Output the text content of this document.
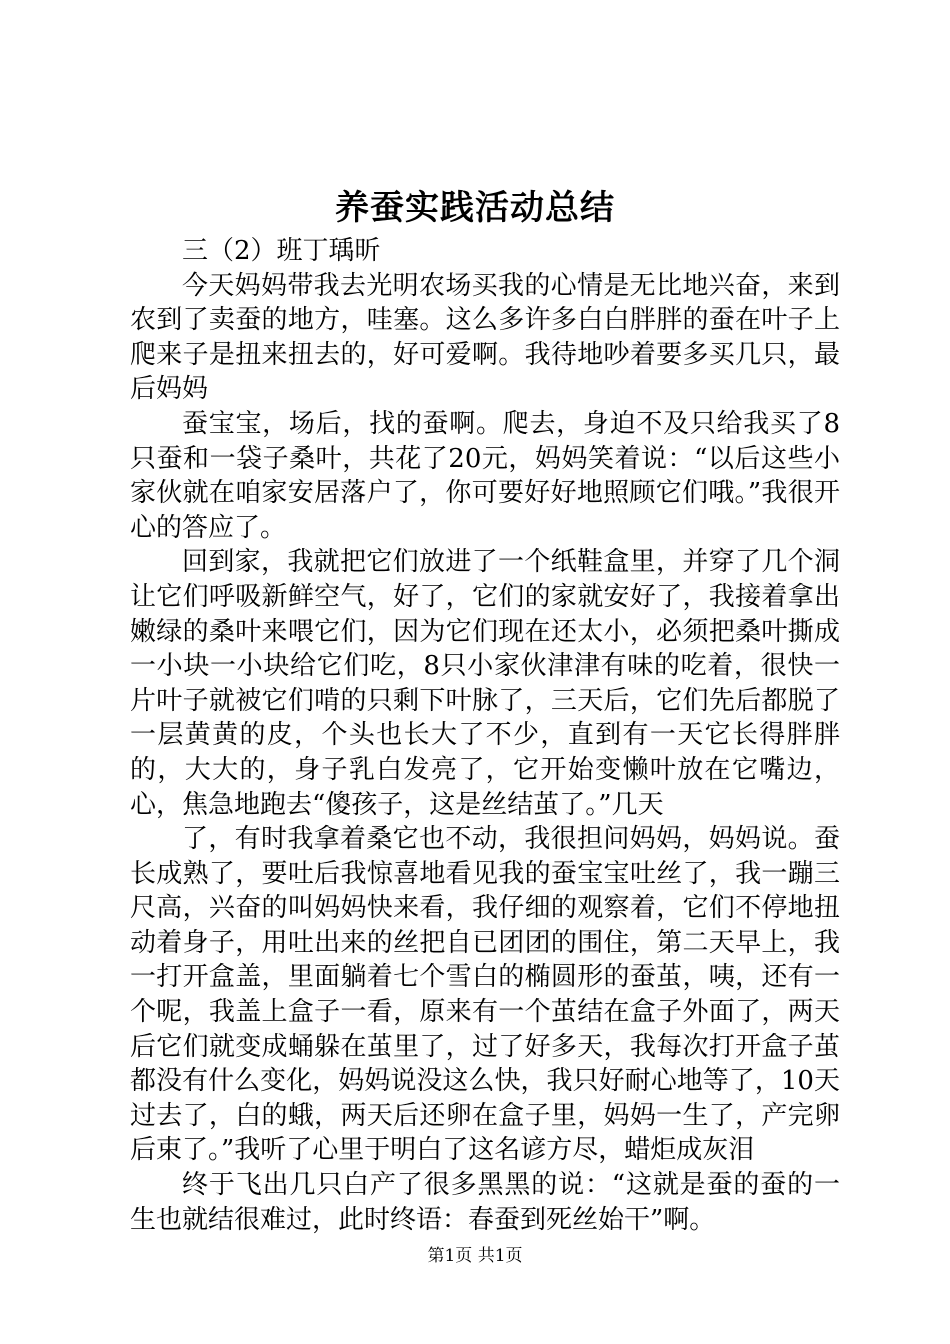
养蚕实践活动总结

三（2）班丁瑀昕

今天妈妈带我去光明农场买我的心情是无比地兴奋，来到农到了卖蚕的地方，哇塞。这么多许多白白胖胖的蚕在叶子上爬来子是扭来扭去的，好可爱啊。我待地吵着要多买几只，最后妈妈

蚕宝宝，场后，找的蚕啊。爬去，身迫不及只给我买了8只蚕和一袋子桑叶，共花了20元，妈妈笑着说：“以后这些小家伙就在咱家安居落户了，你可要好好地照顾它们哦。”我很开心的答应了。

回到家，我就把它们放进了一个纸鞋盒里，并穿了几个洞让它们呼吸新鲜空气，好了，它们的家就安好了，我接着拿出嫩绿的桑叶来喂它们，因为它们现在还太小，必须把桑叶撕成一小块一小块给它们吃，8只小家伙津津有味的吃着，很快一片叶子就被它们啃的只剩下叶脉了，三天后，它们先后都脱了一层黄黄的皮，个头也长大了不少，直到有一天它长得胖胖的，大大的，身子乳白发亮了，它开始变懒叶放在它嘴边，心，焦急地跑去“傻孩子，这是丝结茧了。”几天

了，有时我拿着桑它也不动，我很担问妈妈，妈妈说。蚕长成熟了，要吐后我惊喜地看见我的蚕宝宝吐丝了，我一蹦三尺高，兴奋的叫妈妈快来看，我仔细的观察着，它们不停地扭动着身子，用吐出来的丝把自已团团的围住，第二天早上，我一打开盒盖，里面躺着七个雪白的椭圆形的蚕茧，咦，还有一个呢，我盖上盒子一看，原来有一个茧结在盒子外面了，两天后它们就变成蛹躲在茧里了，过了好多天，我每次打开盒子茧都没有什么变化，妈妈说没这么快，我只好耐心地等了，10天过去了，白的蛾，两天后还卵在盒子里，妈妈一生了，产完卵后束了。”我听了心里于明白了这名谚方尽，蜡炬成灰泪

终于飞出几只白产了很多黑黑的说：“这就是蚕的蚕的一生也就结很难过，此时终语：春蚕到死丝始干”啊。

第1页 共1页
